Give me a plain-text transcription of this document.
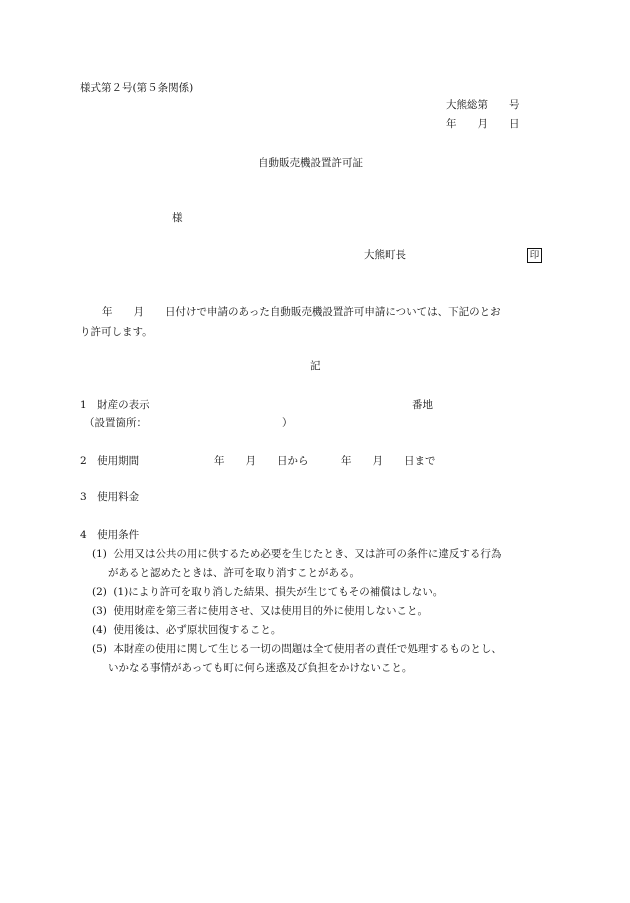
様式第２号(第５条関係)
大熊総第　　号
年　　月　　日
自動販売機設置許可証
様
大熊町長	印
年　　月　　日付けで申請のあった自動販売機設置許可申請については、下記のとお
り許可します。
記
1　財産の表示	番地
（設置箇所：	）
2　使用期間	年　　月　　日から	年　　月　　日まで
3　使用料金
4　使用条件
(1) 公用又は公共の用に供するため必要を生じたとき、又は許可の条件に違反する行為
があると認めたときは、許可を取り消すことがある。
(2) (1)により許可を取り消した結果、損失が生じてもその補償はしない。
(3) 使用財産を第三者に使用させ、又は使用目的外に使用しないこと。
(4) 使用後は、必ず原状回復すること。
(5) 本財産の使用に関して生じる一切の問題は全て使用者の責任で処理するものとし、
いかなる事情があっても町に何ら迷惑及び負担をかけないこと。
